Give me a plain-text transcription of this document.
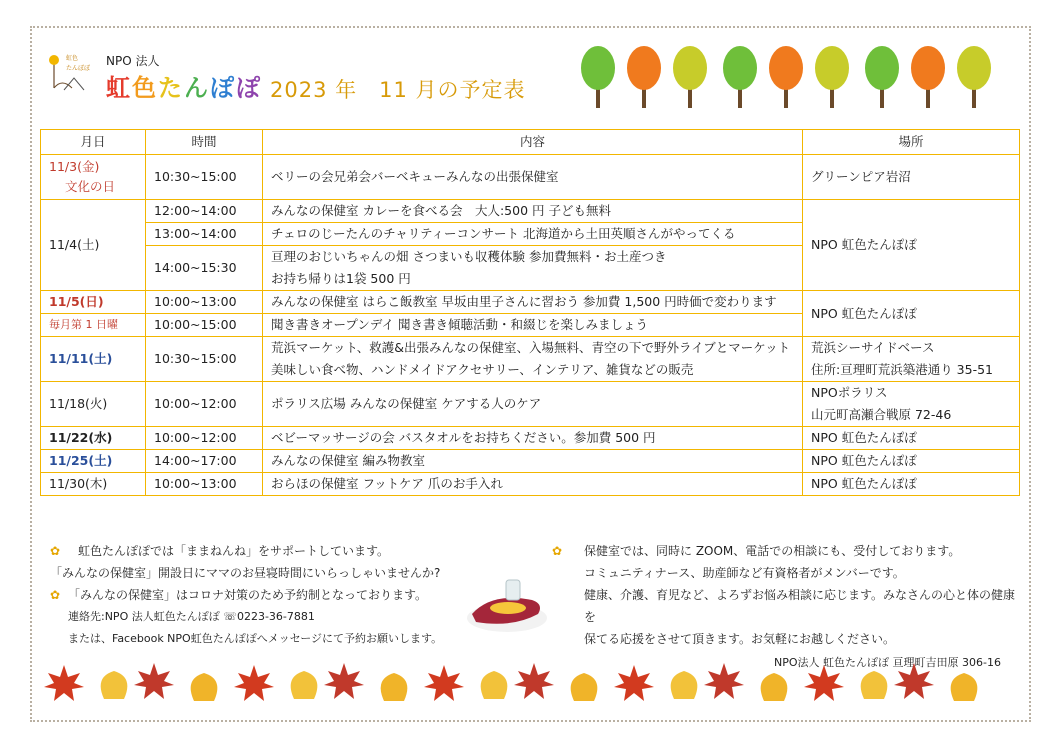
虹色
たんぽぽ
NPO 法人
虹色たんぽぽ 2023 年　11 月の予定表
月日	時間	内容	場所

11/3(金)
文化の日	10:30~15:00	ベリーの会兄弟会バーベキューみんなの出張保健室	グリーンピア岩沼
11/4(土)	12:00~14:00	みんなの保健室 カレーを食べる会　大人:500 円 子ども無料	NPO 虹色たんぽぽ
	13:00~14:00	チェロのじーたんのチャリティーコンサート 北海道から土田英順さんがやってくる	
	14:00~15:30	亘理のおじいちゃんの畑 さつまいも収穫体験 参加費無料・お土産つき
お持ち帰りは1袋 500 円	

11/5(日)	10:00~13:00	みんなの保健室 はらこ飯教室 早坂由里子さんに習おう 参加費 1,500 円時価で変わります	NPO 虹色たんぽぽ
毎月第 1 日曜	10:00~15:00	聞き書きオープンデイ 聞き書き傾聴活動・和綴じを楽しみましょう	
11/11(土)	10:30~15:00	荒浜マーケット、救護&出張みんなの保健室、入場無料、青空の下で野外ライブとマーケット
美味しい食べ物、ハンドメイドアクセサリー、インテリア、雑貨などの販売	荒浜シーサイドベース
住所:亘理町荒浜築港通り 35-51

11/18(火)	10:00~12:00	ポラリス広場 みんなの保健室 ケアする人のケア	NPOポラリス
山元町高瀬合戦原 72-46

11/22(水)	10:00~12:00	ベビーマッサージの会 バスタオルをお持ちください。参加費 500 円	NPO 虹色たんぽぽ
11/25(土)	14:00~17:00	みんなの保健室 編み物教室	NPO 虹色たんぽぽ
11/30(木)	10:00~13:00	おらほの保健室 フットケア 爪のお手入れ	NPO 虹色たんぽぽ
✿ 虹色たんぽぽでは「ままねんね」をサポートしています。
「みんなの保健室」開設日にママのお昼寝時間にいらっしゃいませんか?
✿ 「みんなの保健室」はコロナ対策のため予約制となっております。
連絡先:NPO 法人虹色たんぽぽ ☏0223-36-7881
または、Facebook NPO虹色たんぽぽへメッセージにて予約お願いします。
✿ 保健室では、同時に ZOOM、電話での相談にも、受付しております。
コミュニティナース、助産師など有資格者がメンバーです。
健康、介護、育児など、よろずお悩み相談に応じます。みなさんの心と体の健康を
保てる応援をさせて頂きます。お気軽にお越しください。
NPO法人 虹色たんぽぽ 亘理町吉田原 306-16
